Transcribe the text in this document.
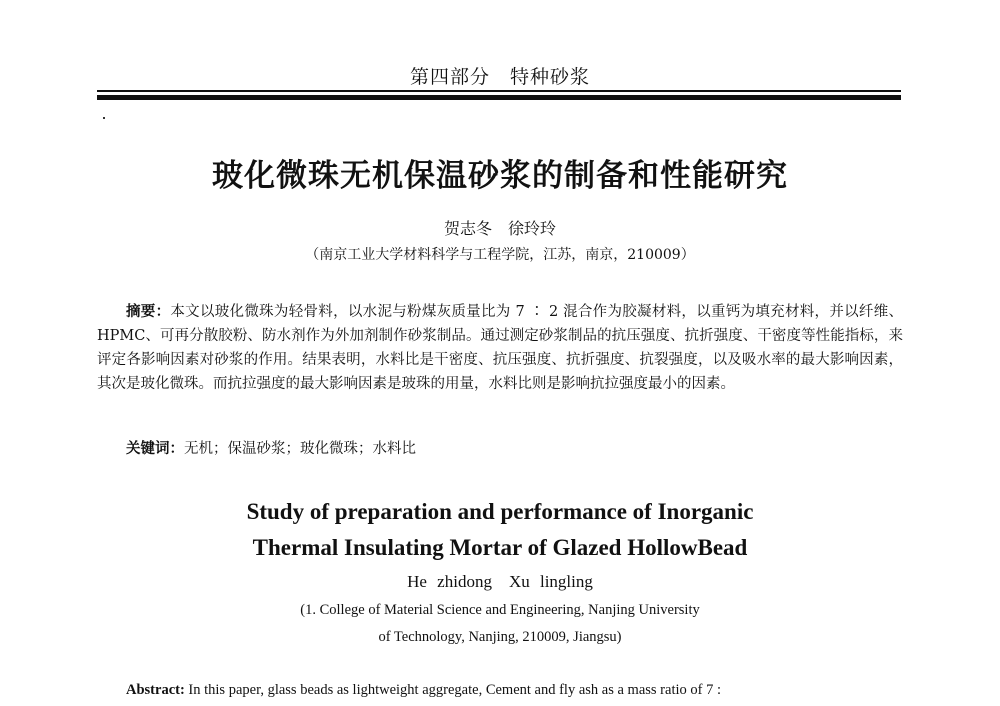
第四部分　特种砂浆
玻化微珠无机保温砂浆的制备和性能研究
贺志冬　徐玲玲
（南京工业大学材料科学与工程学院，江苏，南京，210009）

摘要：本文以玻化微珠为轻骨料，以水泥与粉煤灰质量比为 7 ∶ 2 混合作为胶凝材料，以重钙为填充材料，并以纤维、HPMC、可再分散胶粉、防水剂作为外加剂制作砂浆制品。通过测定砂浆制品的抗压强度、抗折强度、干密度等性能指标，来评定各影响因素对砂浆的作用。结果表明，水料比是干密度、抗压强度、抗折强度、抗裂强度，以及吸水率的最大影响因素，其次是玻化微珠。而抗拉强度的最大影响因素是玻珠的用量，水料比则是影响抗拉强度最小的因素。

关键词：无机；保温砂浆；玻化微珠；水料比

Study of preparation and performance of Inorganic
Thermal Insulating Mortar of Glazed HollowBead
He zhidong　Xu lingling
(1. College of Material Science and Engineering, Nanjing University
of Technology, Nanjing, 210009, Jiangsu)
Abstract: In this paper, glass beads as lightweight aggregate, Cement and fly ash as a mass ratio of 7 :
